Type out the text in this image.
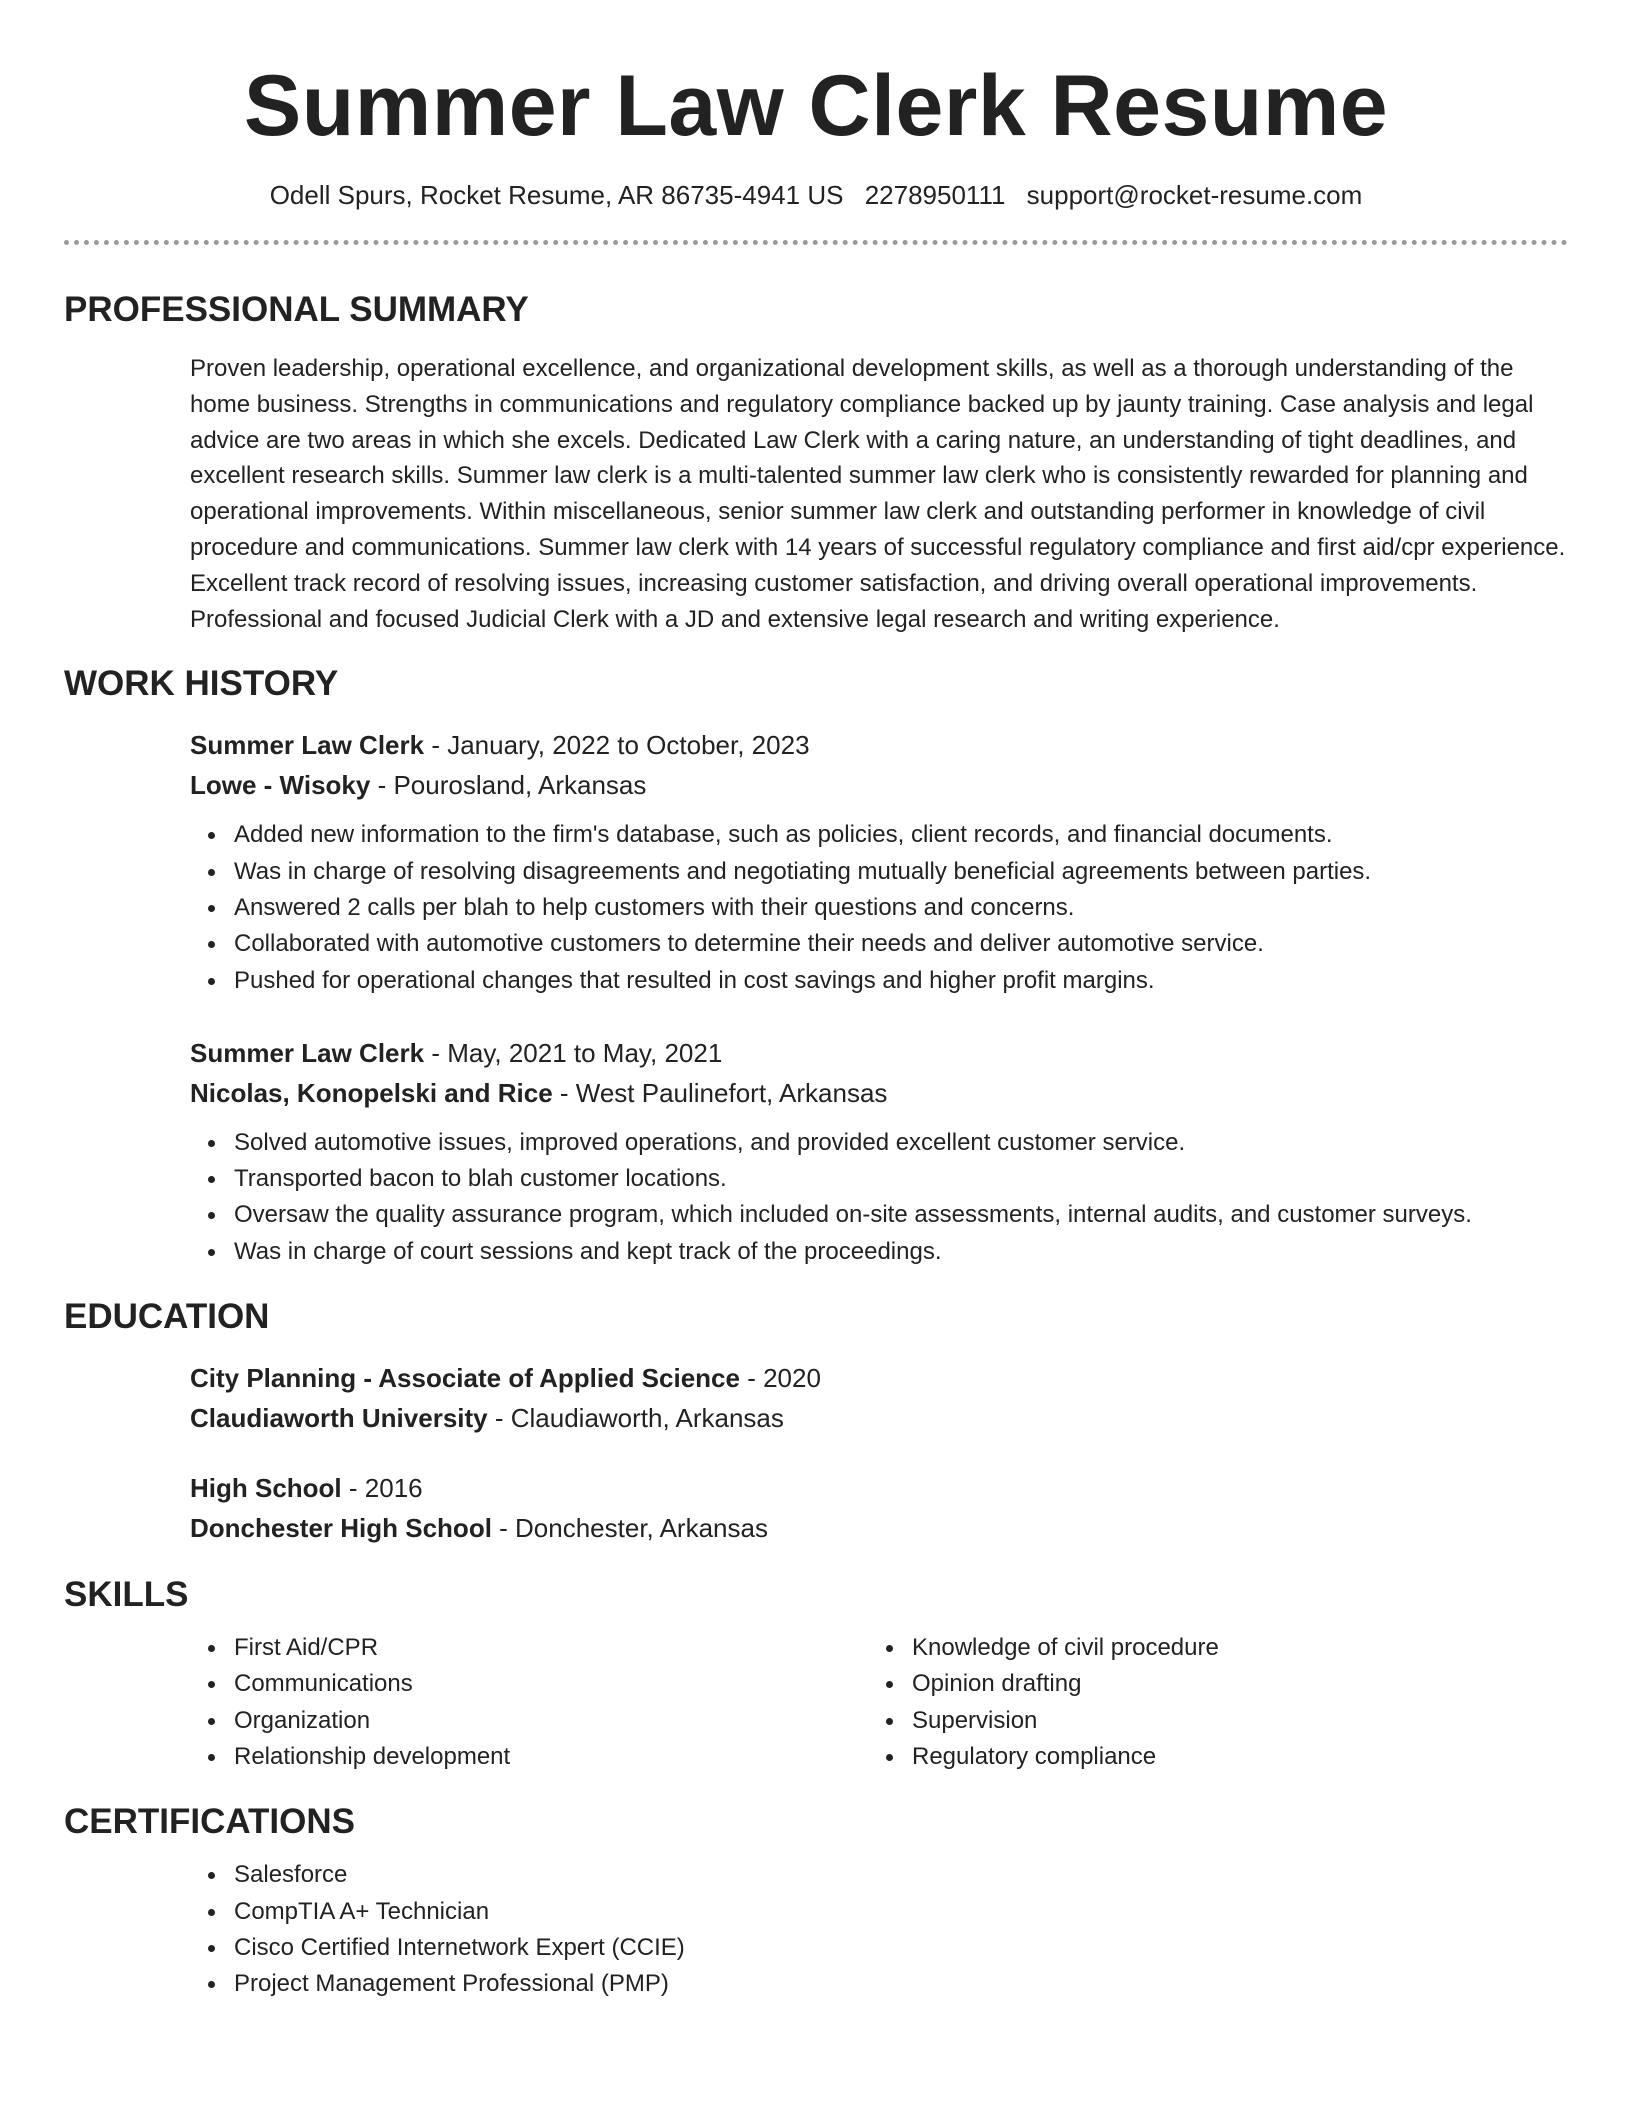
Summer Law Clerk Resume
Odell Spurs, Rocket Resume, AR 86735-4941 US 2278950111 support@rocket-resume.com
PROFESSIONAL SUMMARY

Proven leadership, operational excellence, and organizational development skills, as well as a thorough understanding of the home business. Strengths in communications and regulatory compliance backed up by jaunty training. Case analysis and legal advice are two areas in which she excels. Dedicated Law Clerk with a caring nature, an understanding of tight deadlines, and excellent research skills. Summer law clerk is a multi-talented summer law clerk who is consistently rewarded for planning and operational improvements. Within miscellaneous, senior summer law clerk and outstanding performer in knowledge of civil procedure and communications. Summer law clerk with 14 years of successful regulatory compliance and first aid/cpr experience. Excellent track record of resolving issues, increasing customer satisfaction, and driving overall operational improvements. Professional and focused Judicial Clerk with a JD and extensive legal research and writing experience.

WORK HISTORY
Summer Law Clerk - January, 2022 to October, 2023
Lowe - Wisoky - Pourosland, Arkansas
Added new information to the firm's database, such as policies, client records, and financial documents.
Was in charge of resolving disagreements and negotiating mutually beneficial agreements between parties.
Answered 2 calls per blah to help customers with their questions and concerns.
Collaborated with automotive customers to determine their needs and deliver automotive service.
Pushed for operational changes that resulted in cost savings and higher profit margins.
Summer Law Clerk - May, 2021 to May, 2021
Nicolas, Konopelski and Rice - West Paulinefort, Arkansas
Solved automotive issues, improved operations, and provided excellent customer service.
Transported bacon to blah customer locations.
Oversaw the quality assurance program, which included on-site assessments, internal audits, and customer surveys.
Was in charge of court sessions and kept track of the proceedings.
EDUCATION
City Planning - Associate of Applied Science - 2020
Claudiaworth University - Claudiaworth, Arkansas
High School - 2016
Donchester High School - Donchester, Arkansas
SKILLS
First Aid/CPR
Communications
Organization
Relationship development
Knowledge of civil procedure
Opinion drafting
Supervision
Regulatory compliance
CERTIFICATIONS
Salesforce
CompTIA A+ Technician
Cisco Certified Internetwork Expert (CCIE)
Project Management Professional (PMP)
